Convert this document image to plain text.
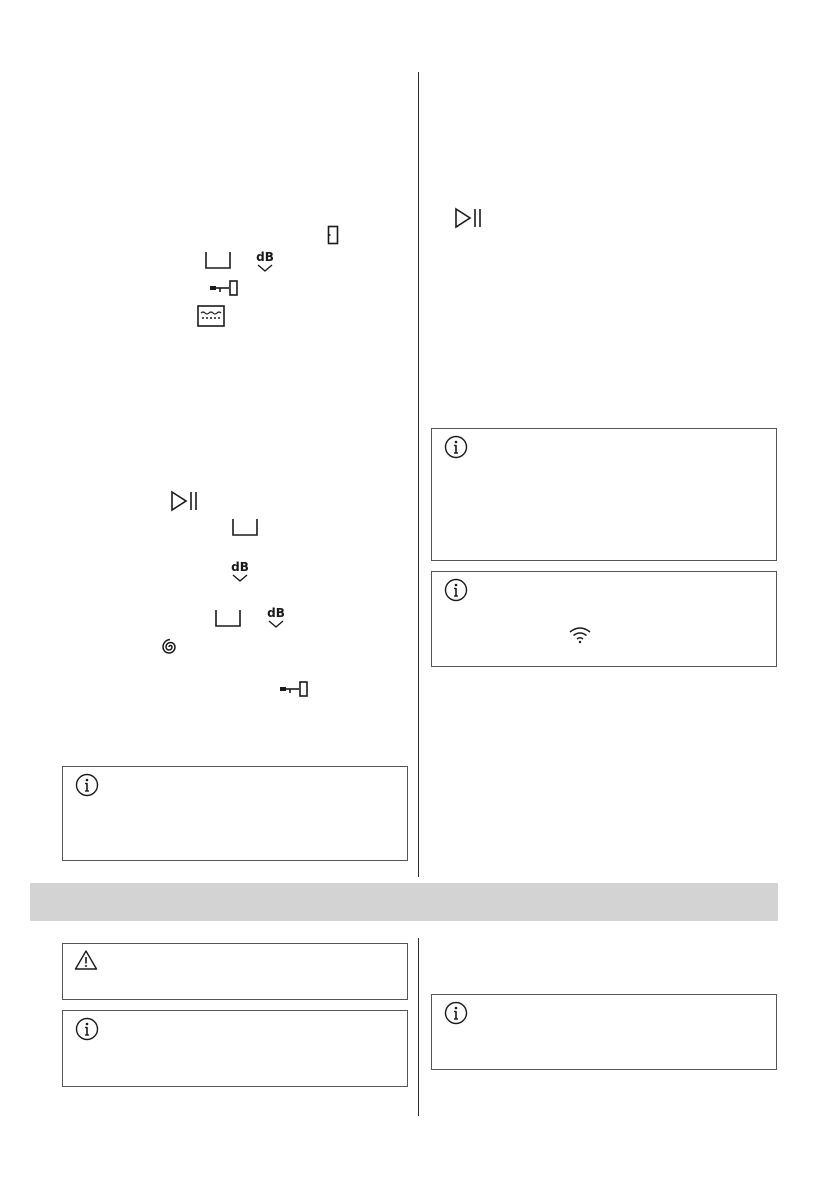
dB
dB
dB
